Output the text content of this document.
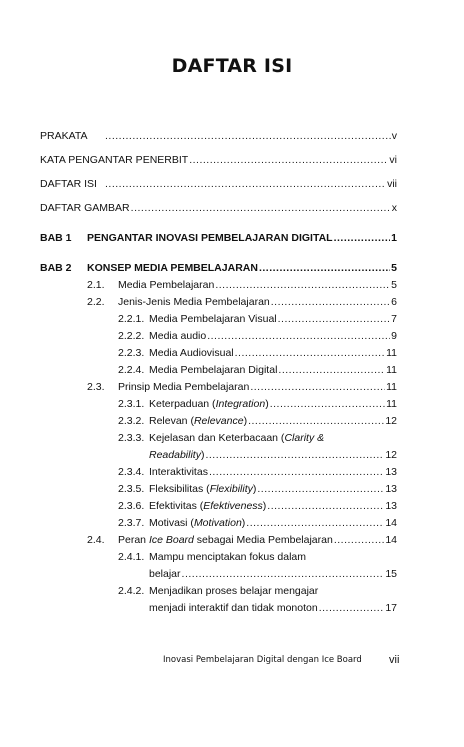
DAFTAR ISI
PRAKATA .....	v
KATA PENGANTAR PENERBIT .....	vi
DAFTAR ISI .....	vii
DAFTAR GAMBAR .....	x
BAB 1	PENGANTAR INOVASI PEMBELAJARAN DIGITAL .....	1
BAB 2	KONSEP MEDIA PEMBELAJARAN .....	5
2.1.	Media Pembelajaran .....	5
2.2.	Jenis-Jenis Media Pembelajaran .....	6
2.2.1. Media Pembelajaran Visual .....	7
2.2.2. Media audio .....	9
2.2.3. Media Audiovisual .....	11
2.2.4. Media Pembelajaran Digital .....	11
2.3.	Prinsip Media Pembelajaran .....	11
2.3.1. Keterpaduan (Integration) .....	11
2.3.2. Relevan (Relevance) .....	12
2.3.3. Kejelasan dan Keterbacaan (Clarity &
Readability) .....	12
2.3.4. Interaktivitas .....	13
2.3.5. Fleksibilitas (Flexibility) .....	13
2.3.6. Efektivitas (Efektiveness) .....	13
2.3.7. Motivasi (Motivation) .....	14
2.4.	Peran Ice Board sebagai Media Pembelajaran .....	14
2.4.1. Mampu menciptakan fokus dalam
belajar .....	15
2.4.2. Menjadikan proses belajar mengajar
menjadi interaktif dan tidak monoton .....	17
Inovasi Pembelajaran Digital dengan Ice Board vii
